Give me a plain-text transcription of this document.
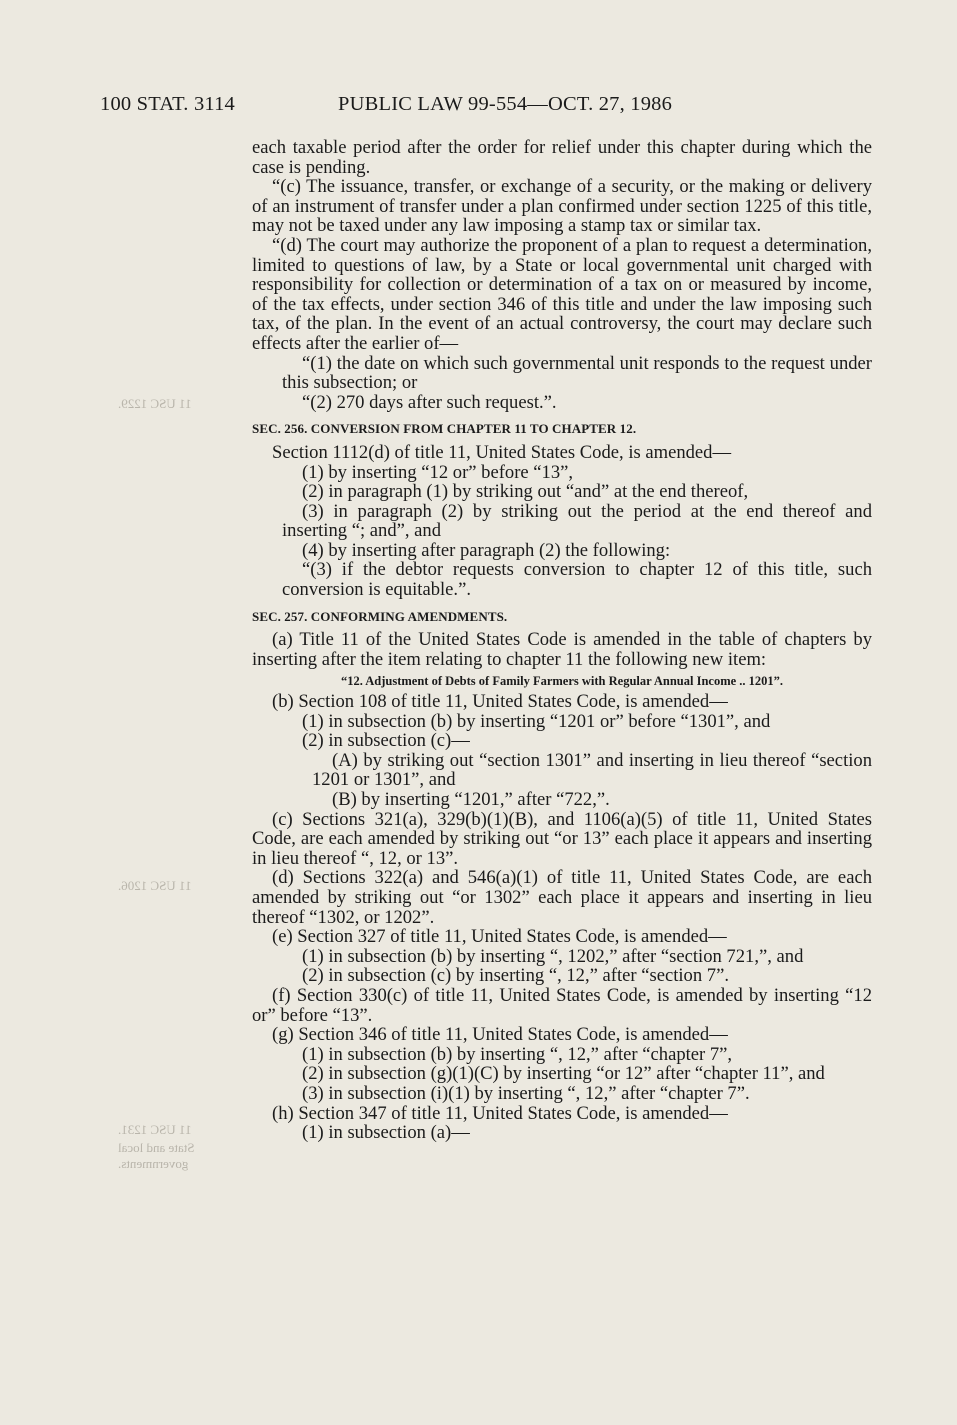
100 STAT. 3114	PUBLIC LAW 99-554—OCT. 27, 1986
11 USC 1229.
11 USC 1206.
11 USC 1231.
State and local
governments.

each taxable period after the order for relief under this chapter during which the case is pending.

“(c) The issuance, transfer, or exchange of a security, or the making or delivery of an instrument of transfer under a plan confirmed under section 1225 of this title, may not be taxed under any law imposing a stamp tax or similar tax.

“(d) The court may authorize the proponent of a plan to request a determination, limited to questions of law, by a State or local governmental unit charged with responsibility for collection or determination of a tax on or measured by income, of the tax effects, under section 346 of this title and under the law imposing such tax, of the plan. In the event of an actual controversy, the court may declare such effects after the earlier of—

“(1) the date on which such governmental unit responds to the request under this subsection; or

“(2) 270 days after such request.”.

SEC. 256. CONVERSION FROM CHAPTER 11 TO CHAPTER 12.

Section 1112(d) of title 11, United States Code, is amended—

(1) by inserting “12 or” before “13”,

(2) in paragraph (1) by striking out “and” at the end thereof,

(3) in paragraph (2) by striking out the period at the end thereof and inserting “; and”, and

(4) by inserting after paragraph (2) the following:

“(3) if the debtor requests conversion to chapter 12 of this title, such conversion is equitable.”.

SEC. 257. CONFORMING AMENDMENTS.

(a) Title 11 of the United States Code is amended in the table of chapters by inserting after the item relating to chapter 11 the following new item:

“12. Adjustment of Debts of Family Farmers with Regular Annual Income .. 1201”.

(b) Section 108 of title 11, United States Code, is amended—

(1) in subsection (b) by inserting “1201 or” before “1301”, and

(2) in subsection (c)—

(A) by striking out “section 1301” and inserting in lieu thereof “section 1201 or 1301”, and

(B) by inserting “1201,” after “722,”.

(c) Sections 321(a), 329(b)(1)(B), and 1106(a)(5) of title 11, United States Code, are each amended by striking out “or 13” each place it appears and inserting in lieu thereof “, 12, or 13”.

(d) Sections 322(a) and 546(a)(1) of title 11, United States Code, are each amended by striking out “or 1302” each place it appears and inserting in lieu thereof “1302, or 1202”.

(e) Section 327 of title 11, United States Code, is amended—

(1) in subsection (b) by inserting “, 1202,” after “section 721,”, and

(2) in subsection (c) by inserting “, 12,” after “section 7”.

(f) Section 330(c) of title 11, United States Code, is amended by inserting “12 or” before “13”.

(g) Section 346 of title 11, United States Code, is amended—

(1) in subsection (b) by inserting “, 12,” after “chapter 7”,

(2) in subsection (g)(1)(C) by inserting “or 12” after “chapter 11”, and

(3) in subsection (i)(1) by inserting “, 12,” after “chapter 7”.

(h) Section 347 of title 11, United States Code, is amended—

(1) in subsection (a)—
